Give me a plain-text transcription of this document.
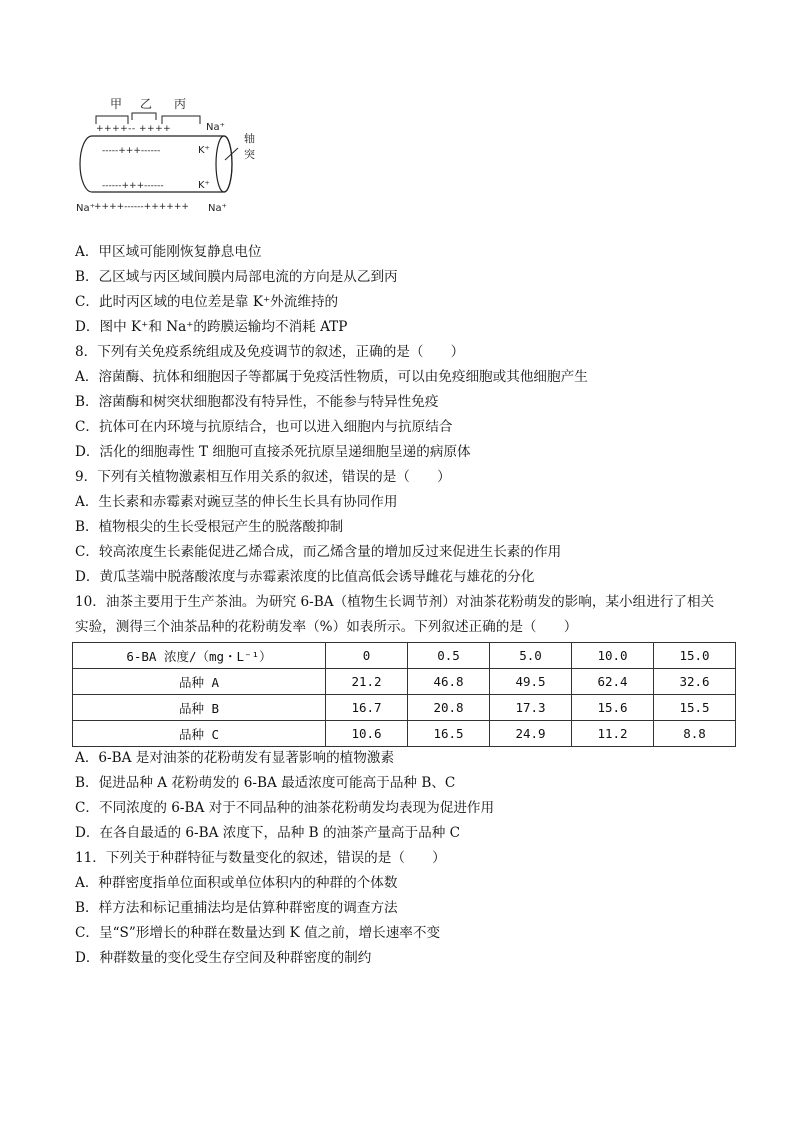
甲 乙 丙
++++-- ++++	Na⁺
-----+++------	K⁺
------+++------	K⁺
轴突
Na⁺ ++++------++++++ Na⁺
A．甲区域可能刚恢复静息电位
B．乙区域与丙区域间膜内局部电流的方向是从乙到丙
C．此时丙区域的电位差是靠 K⁺外流维持的
D．图中 K⁺和 Na⁺的跨膜运输均不消耗 ATP
8．下列有关免疫系统组成及免疫调节的叙述，正确的是（　　）
A．溶菌酶、抗体和细胞因子等都属于免疫活性物质，可以由免疫细胞或其他细胞产生
B．溶菌酶和树突状细胞都没有特异性，不能参与特异性免疫
C．抗体可在内环境与抗原结合，也可以进入细胞内与抗原结合
D．活化的细胞毒性 T 细胞可直接杀死抗原呈递细胞呈递的病原体
9．下列有关植物激素相互作用关系的叙述，错误的是（　　）
A．生长素和赤霉素对豌豆茎的伸长生长具有协同作用
B．植物根尖的生长受根冠产生的脱落酸抑制
C．较高浓度生长素能促进乙烯合成，而乙烯含量的增加反过来促进生长素的作用
D．黄瓜茎端中脱落酸浓度与赤霉素浓度的比值高低会诱导雌花与雄花的分化
10．油茶主要用于生产茶油。为研究 6-BA（植物生长调节剂）对油茶花粉萌发的影响，某小组进行了相关
实验，测得三个油茶品种的花粉萌发率（%）如表所示。下列叙述正确的是（　　）
6-BA 浓度/（mg・L⁻¹）	0	0.5	5.0	10.0	15.0
品种 A	21.2	46.8	49.5	62.4	32.6
品种 B	16.7	20.8	17.3	15.6	15.5
品种 C	10.6	16.5	24.9	11.2	8.8
A．6-BA 是对油茶的花粉萌发有显著影响的植物激素
B．促进品种 A 花粉萌发的 6-BA 最适浓度可能高于品种 B、C
C．不同浓度的 6-BA 对于不同品种的油茶花粉萌发均表现为促进作用
D．在各自最适的 6-BA 浓度下，品种 B 的油茶产量高于品种 C
11．下列关于种群特征与数量变化的叙述，错误的是（　　）
A．种群密度指单位面积或单位体积内的种群的个体数
B．样方法和标记重捕法均是估算种群密度的调查方法
C．呈“S”形增长的种群在数量达到 K 值之前，增长速率不变
D．种群数量的变化受生存空间及种群密度的制约
